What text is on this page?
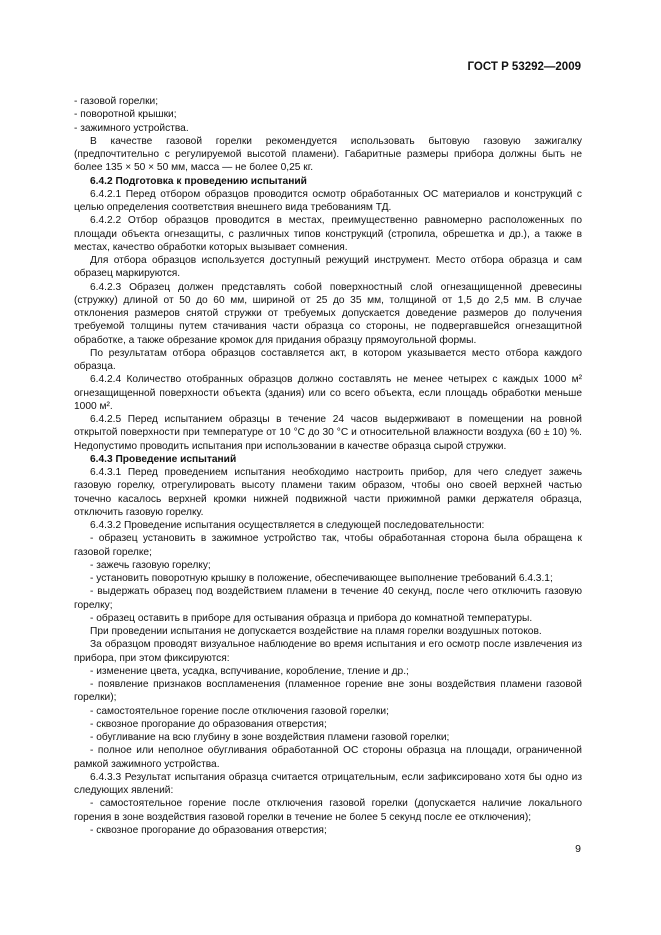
ГОСТ Р 53292—2009

- газовой горелки;

- поворотной крышки;

- зажимного устройства.

В качестве газовой горелки рекомендуется использовать бытовую газовую зажигалку (предпочтительно с регулируемой высотой пламени). Габаритные размеры прибора должны быть не более 135 × 50 × 50 мм, масса — не более 0,25 кг.

6.4.2 Подготовка к проведению испытаний

6.4.2.1 Перед отбором образцов проводится осмотр обработанных ОС материалов и конструкций с целью определения соответствия внешнего вида требованиям ТД.

6.4.2.2 Отбор образцов проводится в местах, преимущественно равномерно расположенных по площади объекта огнезащиты, с различных типов конструкций (стропила, обрешетка и др.), а также в местах, качество обработки которых вызывает сомнения.

Для отбора образцов используется доступный режущий инструмент. Место отбора образца и сам образец маркируются.

6.4.2.3 Образец должен представлять собой поверхностный слой огнезащищенной древесины (стружку) длиной от 50 до 60 мм, шириной от 25 до 35 мм, толщиной от 1,5 до 2,5 мм. В случае отклонения размеров снятой стружки от требуемых допускается доведение размеров до получения требуемой толщины путем стачивания части образца со стороны, не подвергавшейся огнезащитной обработке, а также обрезание кромок для придания образцу прямоугольной формы.

По результатам отбора образцов составляется акт, в котором указывается место отбора каждого образца.

6.4.2.4 Количество отобранных образцов должно составлять не менее четырех с каждых 1000 м² огнезащищенной поверхности объекта (здания) или со всего объекта, если площадь обработки меньше 1000 м².

6.4.2.5 Перед испытанием образцы в течение 24 часов выдерживают в помещении на ровной открытой поверхности при температуре от 10 °С до 30 °С и относительной влажности воздуха (60 ± 10) %. Недопустимо проводить испытания при использовании в качестве образца сырой стружки.

6.4.3 Проведение испытаний

6.4.3.1 Перед проведением испытания необходимо настроить прибор, для чего следует зажечь газовую горелку, отрегулировать высоту пламени таким образом, чтобы оно своей верхней частью точечно касалось верхней кромки нижней подвижной части прижимной рамки держателя образца, отключить газовую горелку.

6.4.3.2 Проведение испытания осуществляется в следующей последовательности:

- образец установить в зажимное устройство так, чтобы обработанная сторона была обращена к газовой горелке;

- зажечь газовую горелку;

- установить поворотную крышку в положение, обеспечивающее выполнение требований 6.4.3.1;

- выдержать образец под воздействием пламени в течение 40 секунд, после чего отключить газовую горелку;

- образец оставить в приборе для остывания образца и прибора до комнатной температуры.

При проведении испытания не допускается воздействие на пламя горелки воздушных потоков.

За образцом проводят визуальное наблюдение во время испытания и его осмотр после извлечения из прибора, при этом фиксируются:

- изменение цвета, усадка, вспучивание, коробление, тление и др.;

- появление признаков воспламенения (пламенное горение вне зоны воздействия пламени газовой горелки);

- самостоятельное горение после отключения газовой горелки;

- сквозное прогорание до образования отверстия;

- обугливание на всю глубину в зоне воздействия пламени газовой горелки;

- полное или неполное обугливания обработанной ОС стороны образца на площади, ограниченной рамкой зажимного устройства.

6.4.3.3 Результат испытания образца считается отрицательным, если зафиксировано хотя бы одно из следующих явлений:

- самостоятельное горение после отключения газовой горелки (допускается наличие локального горения в зоне воздействия газовой горелки в течение не более 5 секунд после ее отключения);

- сквозное прогорание до образования отверстия;

9
